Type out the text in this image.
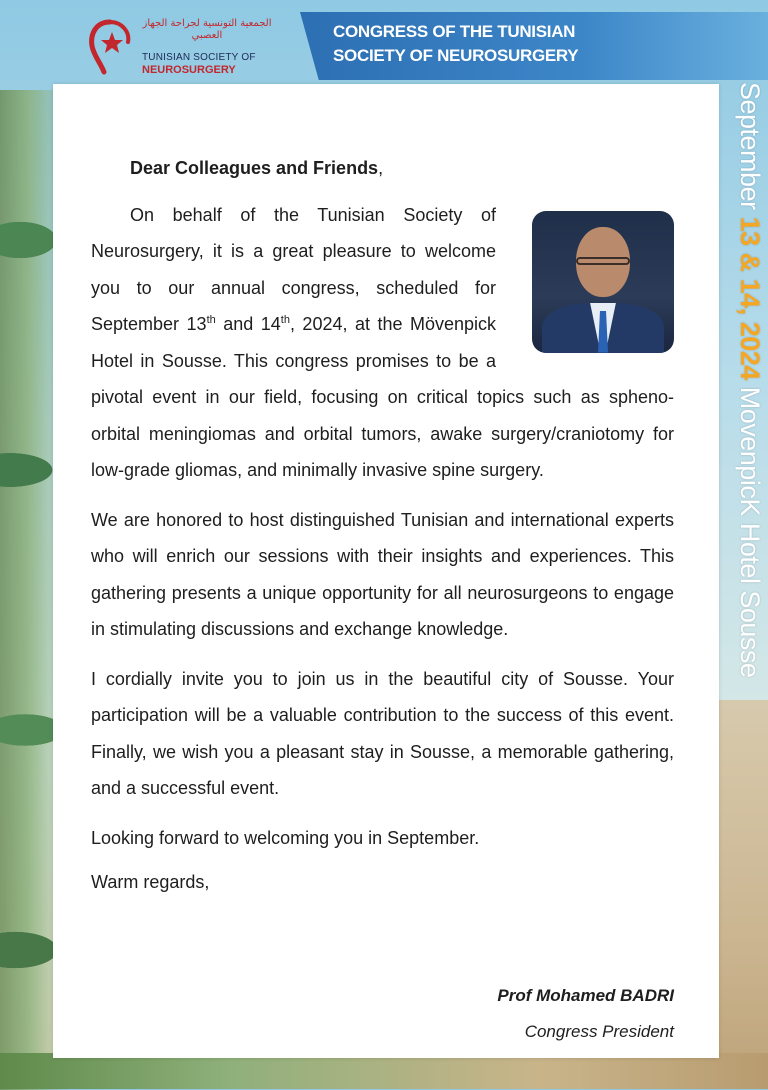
الجمعية التونسية لجراحة الجهاز العصبي
TUNISIAN SOCIETY OF
NEUROSURGERY
CONGRESS OF THE TUNISIAN
SOCIETY OF NEUROSURGERY
September 13 & 14, 2024 MovenpicK Hotel Sousse

Dear Colleagues and Friends,

On behalf of the Tunisian Society of Neurosurgery, it is a great pleasure to welcome you to our annual congress, scheduled for September 13th and 14th, 2024, at the Mövenpick Hotel in Sousse. This congress promises to be a pivotal event in our field, focusing on critical topics such as spheno-orbital meningiomas and orbital tumors, awake surgery/craniotomy for low-grade gliomas, and minimally invasive spine surgery.

We are honored to host distinguished Tunisian and international experts who will enrich our sessions with their insights and experiences. This gathering presents a unique opportunity for all neurosurgeons to engage in stimulating discussions and exchange knowledge.

I cordially invite you to join us in the beautiful city of Sousse. Your participation will be a valuable contribution to the success of this event. Finally, we wish you a pleasant stay in Sousse, a memorable gathering, and a successful event.

Looking forward to welcoming you in September.

Warm regards,

Prof Mohamed BADRI
Congress President
